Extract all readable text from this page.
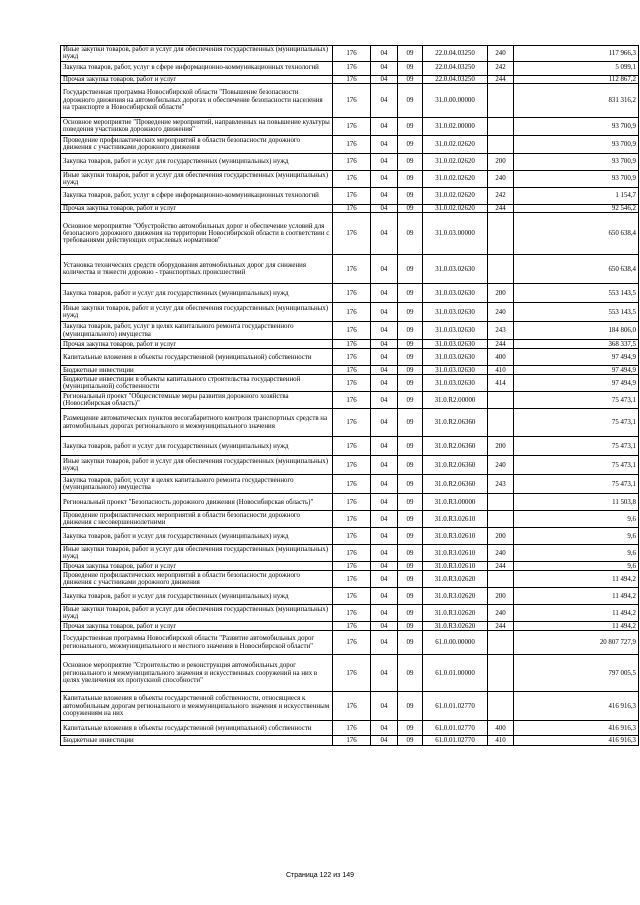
Иные закупки товаров, работ и услуг для обеспечения государственных (муниципальных) нужд	176	04	09	22.0.04.03250	240	117 966,3
Закупка товаров, работ, услуг в сфере информационно-коммуникационных технологий	176	04	09	22.0.04.03250	242	5 099,1
Прочая закупка товаров, работ и услуг	176	04	09	22.0.04.03250	244	112 867,2
Государственная программа Новосибирской области "Повышение безопасности дорожного движения на автомобильных дорогах и обеспечение безопасности населения на транспорте в Новосибирской области"	176	04	09	31.0.00.00000		831 316,2
Основное мероприятие "Проведение мероприятий, направленных на повышение культуры поведения участников дорожного движения"	176	04	09	31.0.02.00000		93 700,9
Проведение профилактических мероприятий в области безопасности дорожного движения с участниками дорожного движения	176	04	09	31.0.02.02620		93 700,9
Закупка товаров, работ и услуг для государственных (муниципальных) нужд	176	04	09	31.0.02.02620	200	93 700,9
Иные закупки товаров, работ и услуг для обеспечения государственных (муниципальных) нужд	176	04	09	31.0.02.02620	240	93 700,9
Закупка товаров, работ, услуг в сфере информационно-коммуникационных технологий	176	04	09	31.0.02.02620	242	1 154,7
Прочая закупка товаров, работ и услуг	176	04	09	31.0.02.02620	244	92 546,2
Основное мероприятие "Обустройство автомобильных дорог и обеспечение условий для безопасного дорожного движения на территории Новосибирской области в соответствии с требованиями действующих отраслевых нормативов"	176	04	09	31.0.03.00000		650 638,4
Установка технических средств оборудования автомобильных дорог для снижения количества и тяжести дорожно - транспортных происшествий	176	04	09	31.0.03.02630		650 638,4
Закупка товаров, работ и услуг для государственных (муниципальных) нужд	176	04	09	31.0.03.02630	200	553 143,5
Иные закупки товаров, работ и услуг для обеспечения государственных (муниципальных) нужд	176	04	09	31.0.03.02630	240	553 143,5
Закупка товаров, работ, услуг в целях капитального ремонта государственного (муниципального) имущества	176	04	09	31.0.03.02630	243	184 806,0
Прочая закупка товаров, работ и услуг	176	04	09	31.0.03.02630	244	368 337,5
Капитальные вложения в объекты государственной (муниципальной) собственности	176	04	09	31.0.03.02630	400	97 494,9
Бюджетные инвестиции	176	04	09	31.0.03.02630	410	97 494,9
Бюджетные инвестиции в объекты капитального строительства государственной (муниципальной) собственности	176	04	09	31.0.03.02630	414	97 494,9
Региональный проект "Общесистемные меры развития дорожного хозяйства (Новосибирская область)"	176	04	09	31.0.R2.00000		75 473,1
Размещение автоматических пунктов весогабаритного контроля транспортных средств на автомобильных дорогах регионального и межмуниципального значения	176	04	09	31.0.R2.06360		75 473,1
Закупка товаров, работ и услуг для государственных (муниципальных) нужд	176	04	09	31.0.R2.06360	200	75 473,1
Иные закупки товаров, работ и услуг для обеспечения государственных (муниципальных) нужд	176	04	09	31.0.R2.06360	240	75 473,1
Закупка товаров, работ, услуг в целях капитального ремонта государственного (муниципального) имущества	176	04	09	31.0.R2.06360	243	75 473,1
Региональный проект "Безопасность дорожного движения (Новосибирская область)"	176	04	09	31.0.R3.00000		11 503,8
Проведение профилактических мероприятий в области безопасности дорожного движения с несовершеннолетними	176	04	09	31.0.R3.02610		9,6
Закупка товаров, работ и услуг для государственных (муниципальных) нужд	176	04	09	31.0.R3.02610	200	9,6
Иные закупки товаров, работ и услуг для обеспечения государственных (муниципальных) нужд	176	04	09	31.0.R3.02610	240	9,6
Прочая закупка товаров, работ и услуг	176	04	09	31.0.R3.02610	244	9,6
Проведение профилактических мероприятий в области безопасности дорожного движения с участниками дорожного движения	176	04	09	31.0.R3.02620		11 494,2
Закупка товаров, работ и услуг для государственных (муниципальных) нужд	176	04	09	31.0.R3.02620	200	11 494,2
Иные закупки товаров, работ и услуг для обеспечения государственных (муниципальных) нужд	176	04	09	31.0.R3.02620	240	11 494,2
Прочая закупка товаров, работ и услуг	176	04	09	31.0.R3.02620	244	11 494,2
Государственная программа Новосибирской области "Развитие автомобильных дорог регионального, межмуниципального и местного значения в Новосибирской области"	176	04	09	61.0.00.00000		20 807 727,9
Основное мероприятие "Строительство и реконструкция автомобильных дорог регионального и межмуниципального значения и искусственных сооружений на них в целях увеличения их пропускной способности"	176	04	09	61.0.01.00000		797 005,5
Капитальные вложения в объекты государственной собственности, относящиеся к автомобильным дорогам регионального и межмуниципального значения и искусственным сооружениям на них	176	04	09	61.0.01.02770		416 916,3
Капитальные вложения в объекты государственной (муниципальной) собственности	176	04	09	61.0.01.02770	400	416 916,3
Бюджетные инвестиции	176	04	09	61.0.01.02770	410	416 916,3
Страница 122 из 149
